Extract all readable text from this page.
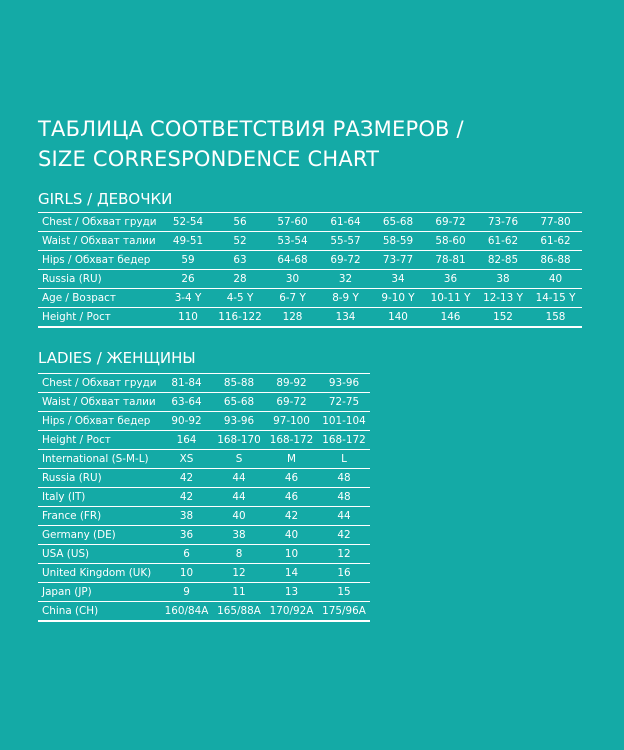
ТАБЛИЦА СООТВЕТСТВИЯ РАЗМЕРОВ /
SIZE CORRESPONDENCE CHART
GIRLS / ДЕВОЧКИ
Chest / Обхват груди	52-54	56	57-60	61-64	65-68	69-72	73-76	77-80
Waist / Обхват талии	49-51	52	53-54	55-57	58-59	58-60	61-62	61-62
Hips / Обхват бедер	59	63	64-68	69-72	73-77	78-81	82-85	86-88
Russia (RU)	26	28	30	32	34	36	38	40
Age / Возраст	3-4 Y	4-5 Y	6-7 Y	8-9 Y	9-10 Y	10-11 Y	12-13 Y	14-15 Y
Height / Рост	110	116-122	128	134	140	146	152	158
LADIES / ЖЕНЩИНЫ
Chest / Обхват груди	81-84	85-88	89-92	93-96
Waist / Обхват талии	63-64	65-68	69-72	72-75
Hips / Обхват бедер	90-92	93-96	97-100	101-104
Height / Рост	164	168-170	168-172	168-172
International (S-M-L)	XS	S	M	L
Russia (RU)	42	44	46	48
Italy (IT)	42	44	46	48
France (FR)	38	40	42	44
Germany (DE)	36	38	40	42
USA (US)	6	8	10	12
United Kingdom (UK)	10	12	14	16
Japan (JP)	9	11	13	15
China (CH)	160/84A	165/88A	170/92A	175/96A
